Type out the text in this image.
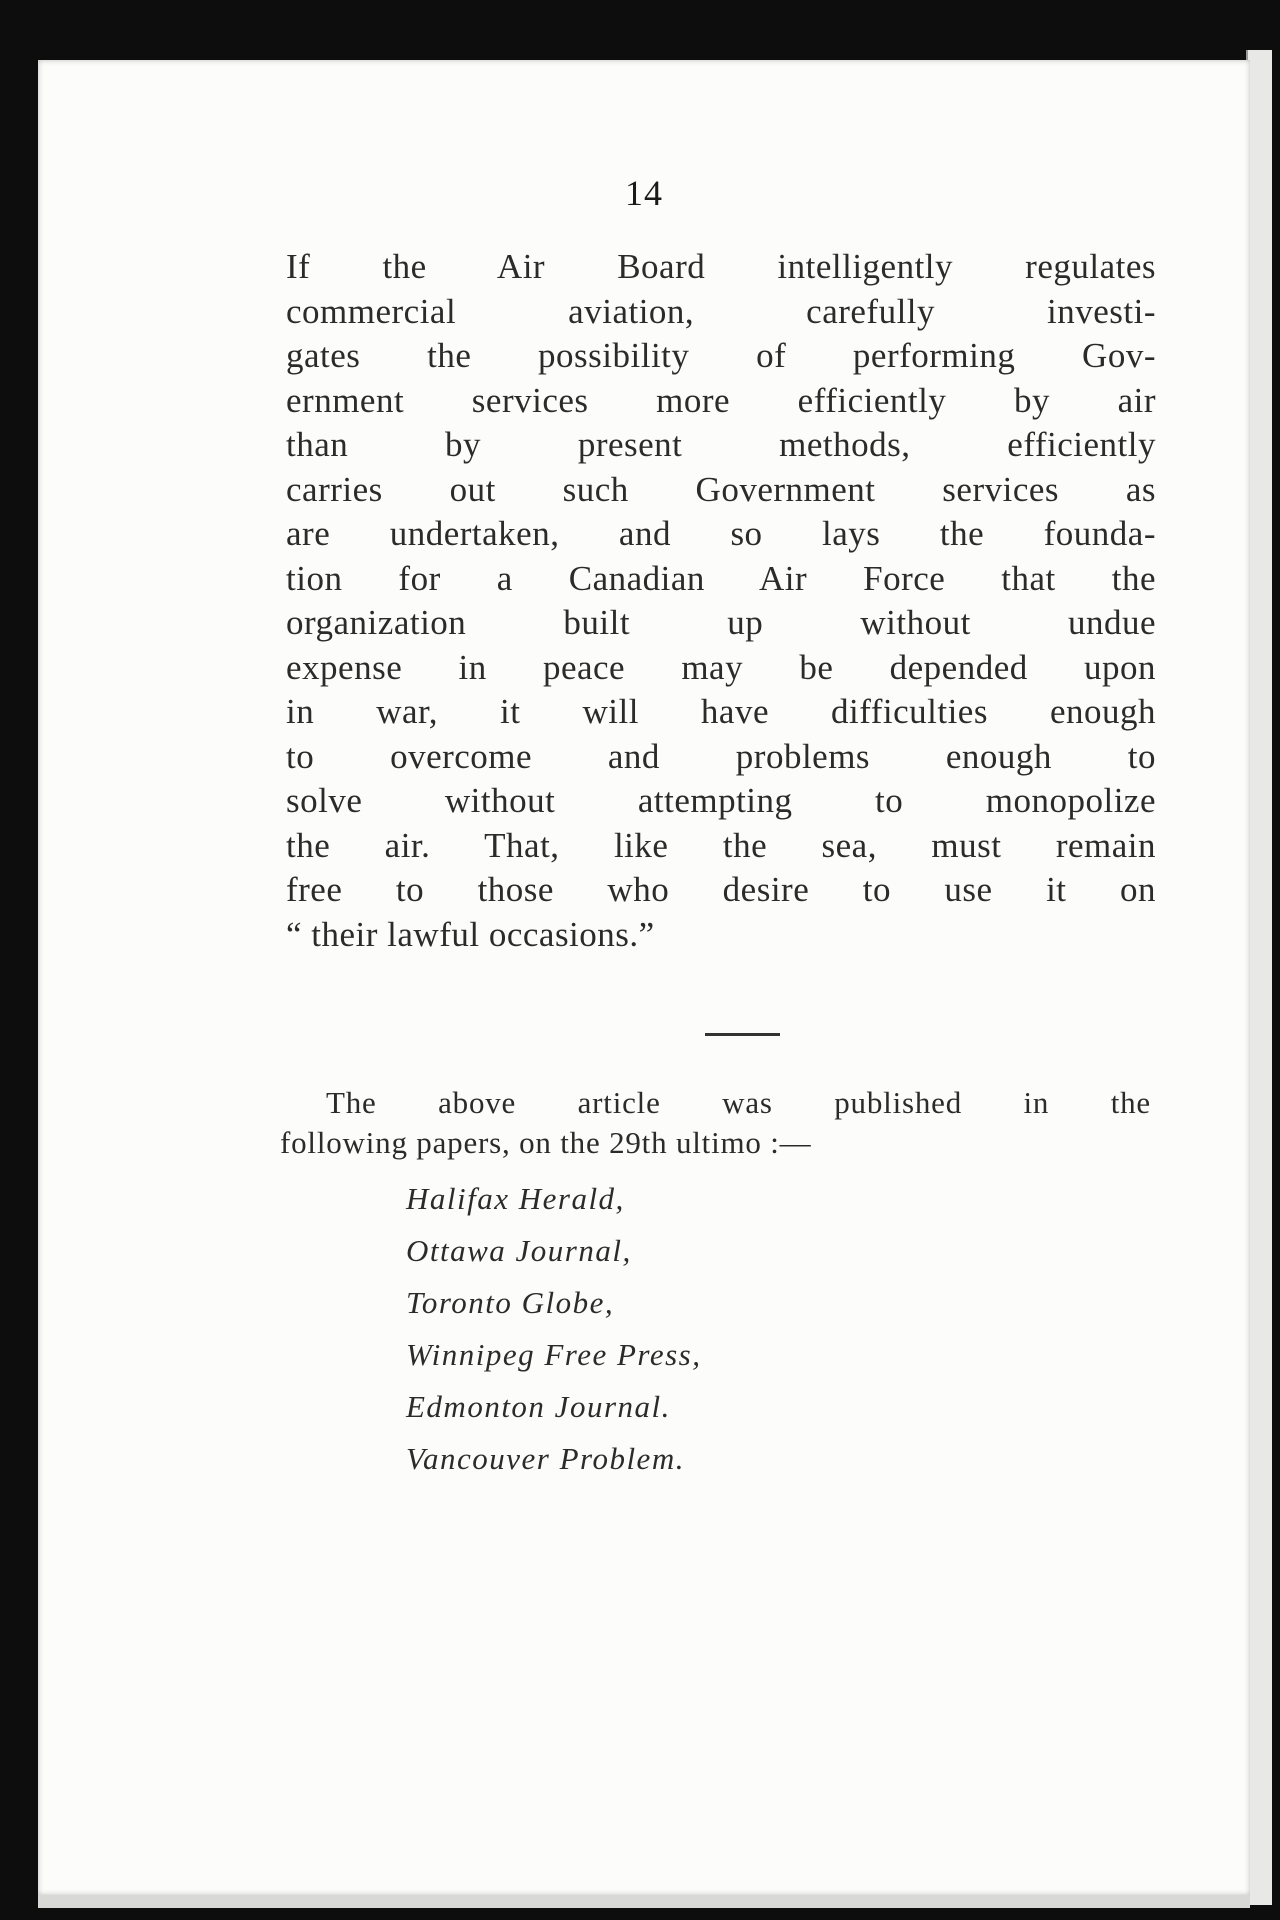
14
If the Air Board intelligently regulates
commercial aviation, carefully investi-
gates the possibility of performing Gov-
ernment services more efficiently by air
than by present methods, efficiently
carries out such Government services as
are undertaken, and so lays the founda-
tion for a Canadian Air Force that the
organization built up without undue
expense in peace may be depended upon
in war, it will have difficulties enough
to overcome and problems enough to
solve without attempting to monopolize
the air. That, like the sea, must remain
free to those who desire to use it on
“ their lawful occasions.”
The above article was published in the
following papers, on the 29th ultimo :—
Halifax Herald,
Ottawa Journal,
Toronto Globe,
Winnipeg Free Press,
Edmonton Journal.
Vancouver Problem.
